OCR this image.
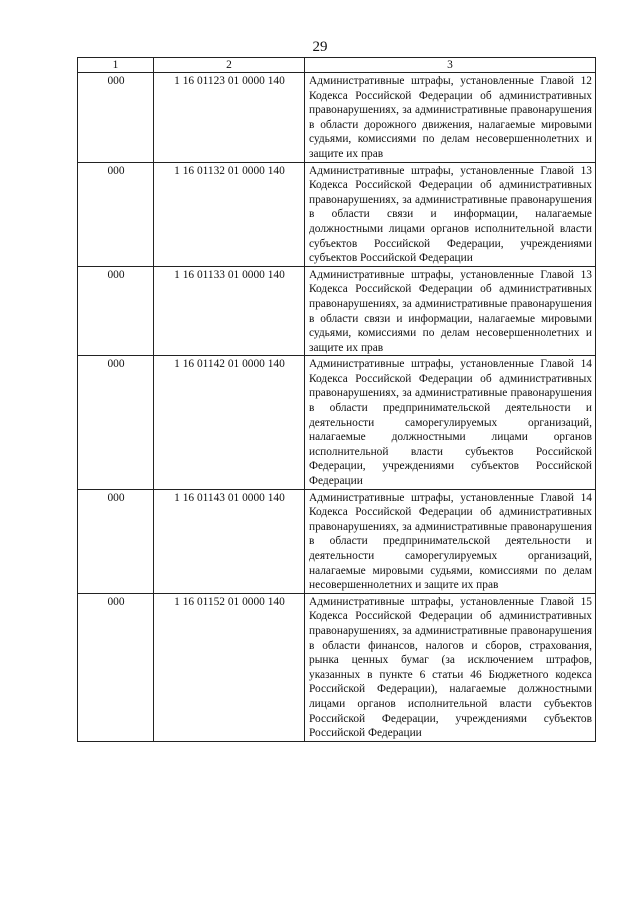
29
1	2	3
000	1 16 01123 01 0000 140	Административные штрафы, установленные Главой 12 Кодекса Российской Федерации об административных правонарушениях, за административные правонарушения в области дорожного движения, налагаемые мировыми судьями, комиссиями по делам несовершеннолетних и защите их прав
000	1 16 01132 01 0000 140	Административные штрафы, установленные Главой 13 Кодекса Российской Федерации об административных правонарушениях, за административные правонарушения в области связи и информации, налагаемые должностными лицами органов исполнительной власти субъектов Российской Федерации, учреждениями субъектов Российской Федерации
000	1 16 01133 01 0000 140	Административные штрафы, установленные Главой 13 Кодекса Российской Федерации об административных правонарушениях, за административные правонарушения в области связи и информации, налагаемые мировыми судьями, комиссиями по делам несовершеннолетних и защите их прав
000	1 16 01142 01 0000 140	Административные штрафы, установленные Главой 14 Кодекса Российской Федерации об административных правонарушениях, за административные правонарушения в области предпринимательской деятельности и деятельности саморегулируемых организаций, налагаемые должностными лицами органов исполнительной власти субъектов Российской Федерации, учреждениями субъектов Российской Федерации
000	1 16 01143 01 0000 140	Административные штрафы, установленные Главой 14 Кодекса Российской Федерации об административных правонарушениях, за административные правонарушения в области предпринимательской деятельности и деятельности саморегулируемых организаций, налагаемые мировыми судьями, комиссиями по делам несовершеннолетних и защите их прав
000	1 16 01152 01 0000 140	Административные штрафы, установленные Главой 15 Кодекса Российской Федерации об административных правонарушениях, за административные правонарушения в области финансов, налогов и сборов, страхования, рынка ценных бумаг (за исключением штрафов, указанных в пункте 6 статьи 46 Бюджетного кодекса Российской Федерации), налагаемые должностными лицами органов исполнительной власти субъектов Российской Федерации, учреждениями субъектов Российской Федерации
